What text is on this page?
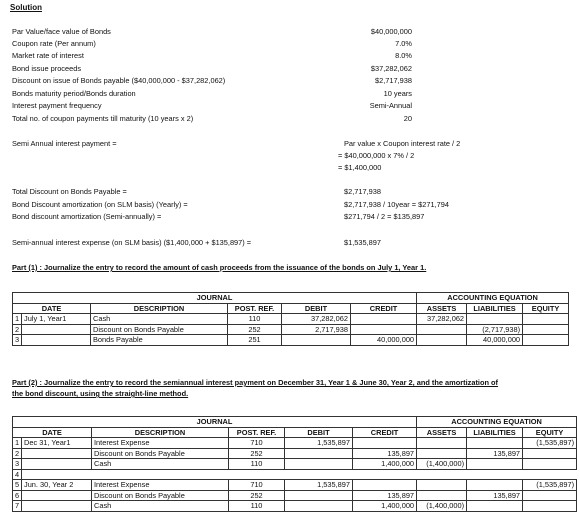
Solution
Par Value/face value of Bonds	$40,000,000
Coupon rate (Per annum)	7.0%
Market rate of interest	8.0%
Bond issue proceeds	$37,282,062
Discount on issue of Bonds payable ($40,000,000 - $37,282,062)	$2,717,938
Bonds maturity period/Bonds duration	10 years
Interest payment frequency	Semi-Annual
Total no. of coupon payments till maturity (10 years x 2)	20
Semi Annual interest payment =	Par value x Coupon interest rate / 2
= $40,000,000 x 7% / 2
= $1,400,000
Total Discount on Bonds Payable =	$2,717,938
Bond Discount amortization (on SLM basis) (Yearly) =	$2,717,938 / 10year = $271,794
Bond discount amortization (Semi-annually) =	$271,794 / 2 = $135,897
Semi-annual interest expense (on SLM basis) ($1,400,000 + $135,897) =	$1,535,897
Part (1) : Journalize the entry to record the amount of cash proceeds from the issuance of the bonds on July 1, Year 1.
JOURNAL						ACCOUNTING EQUATION		
DATE		DESCRIPTION	POST. REF.	DEBIT	CREDIT	ASSETS	LIABILITIES	EQUITY
1	July 1, Year1	Cash	110	37,282,062		37,282,062		
2		Discount on Bonds Payable	252	2,717,938			(2,717,938)	
3		Bonds Payable	251		40,000,000		40,000,000	
Part (2) : Journalize the entry to record the semiannual interest payment on December 31, Year 1 & June 30, Year 2, and the amortization of
the bond discount, using the straight-line method.
JOURNAL						ACCOUNTING EQUATION		
DATE		DESCRIPTION	POST. REF.	DEBIT	CREDIT	ASSETS	LIABILITIES	EQUITY
1	Dec 31, Year1	Interest Expense	710	1,535,897				(1,535,897)
2		Discount on Bonds Payable	252		135,897		135,897	
3		Cash	110		1,400,000	(1,400,000)		
4								
5	Jun. 30, Year 2	Interest Expense	710	1,535,897				(1,535,897)
6		Discount on Bonds Payable	252		135,897		135,897	
7		Cash	110		1,400,000	(1,400,000)		
